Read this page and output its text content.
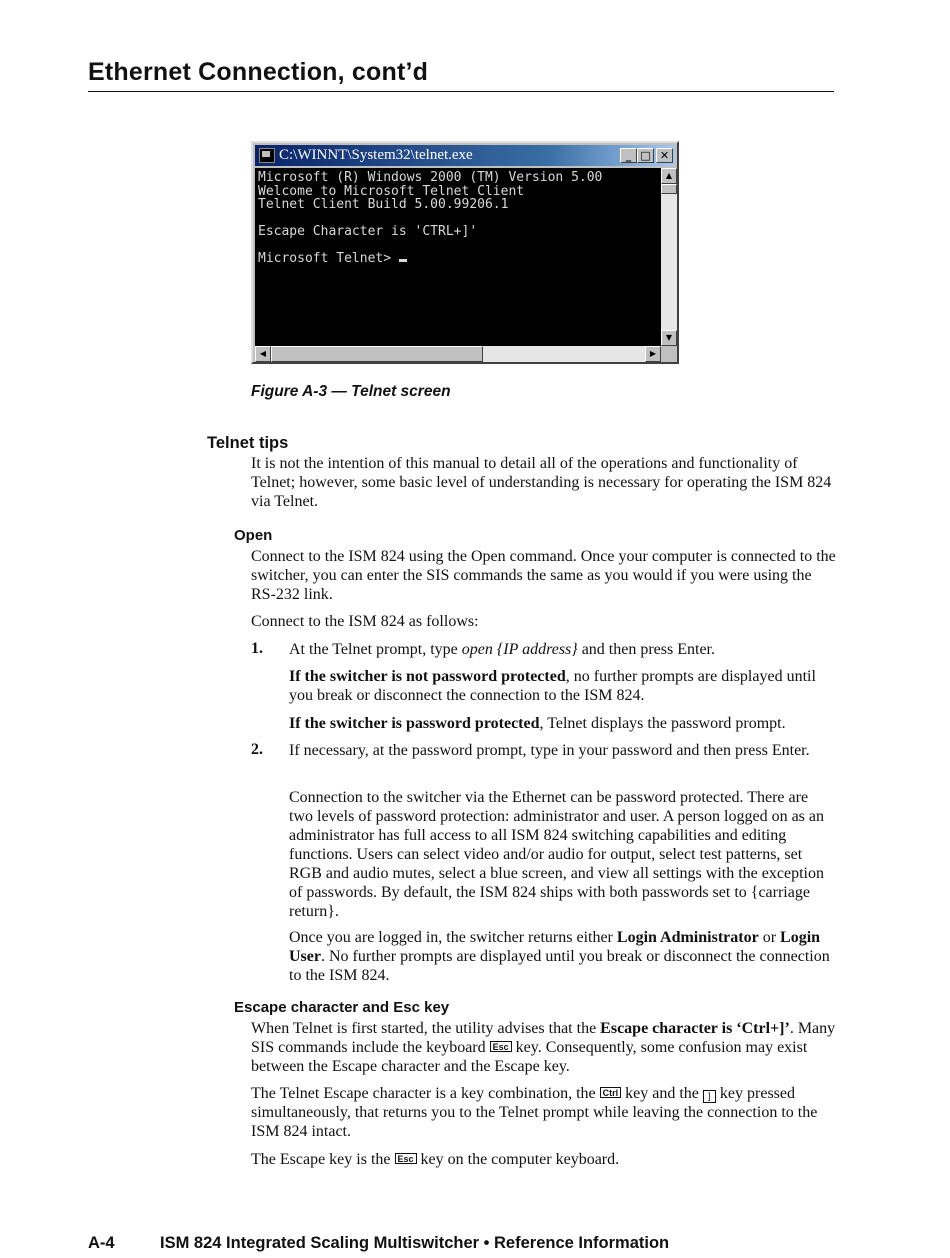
Ethernet Connection, cont’d
C:\WINNT\System32\telnet.exe	_ □ ✕
Microsoft (R) Windows 2000 (TM) Version 5.00
Welcome to Microsoft Telnet Client
Telnet Client Build 5.00.99206.1
Escape Character is 'CTRL+]'
Microsoft Telnet>
▲
▼
◀	▶
Figure A-3 — Telnet screen
Telnet tips
It is not the intention of this manual to detail all of the operations and functionality of Telnet; however, some basic level of understanding is necessary for operating the ISM 824 via Telnet.
Open
Connect to the ISM 824 using the Open command. Once your computer is connected to the switcher, you can enter the SIS commands the same as you would if you were using the RS-232 link.
Connect to the ISM 824 as follows:
1. At the Telnet prompt, type open {IP address} and then press Enter.
If the switcher is not password protected, no further prompts are displayed until you break or disconnect the connection to the ISM 824.
If the switcher is password protected, Telnet displays the password prompt.
2. If necessary, at the password prompt, type in your password and then press Enter.
Connection to the switcher via the Ethernet can be password protected. There are two levels of password protection: administrator and user. A person logged on as an administrator has full access to all ISM 824 switching capabilities and editing functions. Users can select video and/or audio for output, select test patterns, set RGB and audio mutes, select a blue screen, and view all settings with the exception of passwords. By default, the ISM 824 ships with both passwords set to {carriage return}.
Once you are logged in, the switcher returns either Login Administrator or Login User. No further prompts are displayed until you break or disconnect the connection to the ISM 824.
Escape character and Esc key
When Telnet is first started, the utility advises that the Escape character is ‘Ctrl+]’. Many SIS commands include the keyboard Esc key. Consequently, some confusion may exist between the Escape character and the Escape key.
The Telnet Escape character is a key combination, the Ctrl key and the ] key pressed simultaneously, that returns you to the Telnet prompt while leaving the connection to the ISM 824 intact.
The Escape key is the Esc key on the computer keyboard.
A-4	ISM 824 Integrated Scaling Multiswitcher • Reference Information
